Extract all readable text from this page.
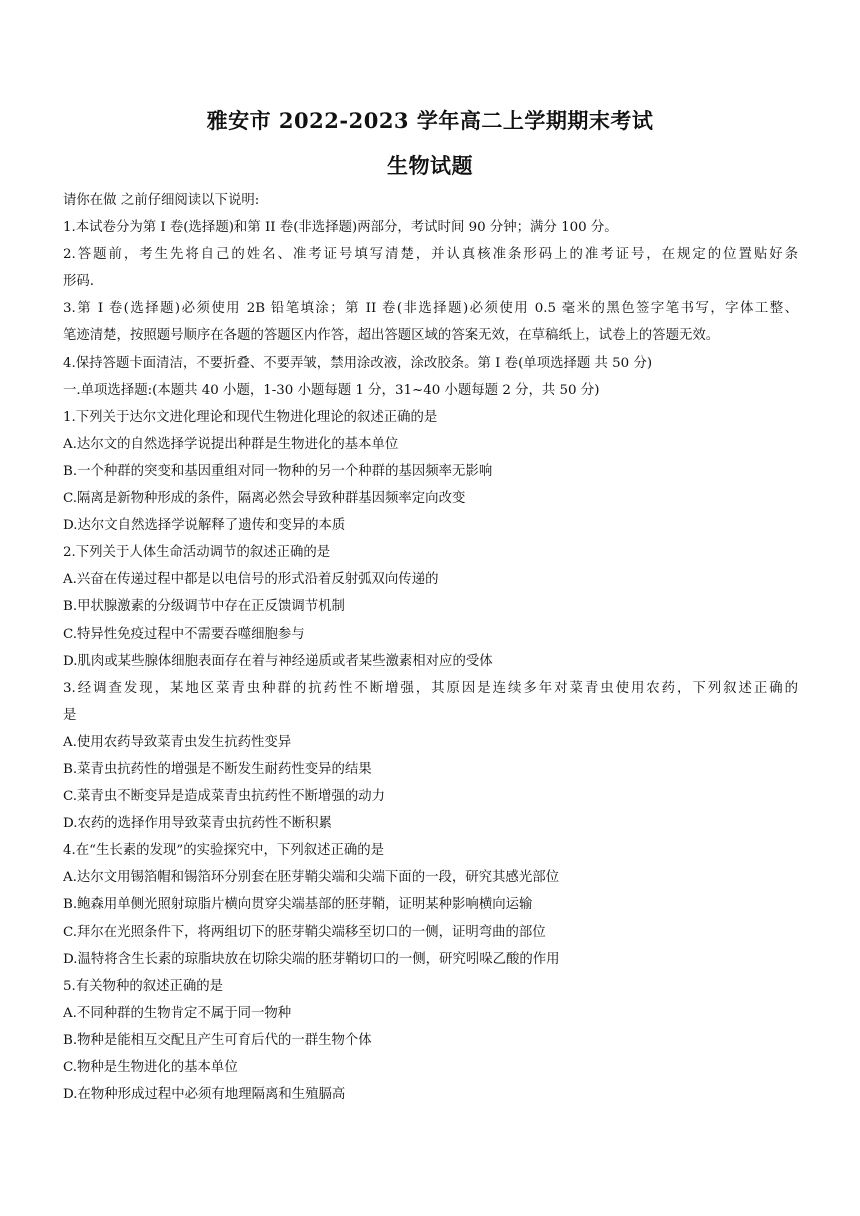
雅安市 2022-2023 学年高二上学期期末考试
生物试题
请你在做 之前仔细阅读以下说明:
1.本试卷分为第 I 卷(选择题)和第 II 卷(非选择题)两部分，考试时间 90 分钟；满分 100 分。
2.答题前，考生先将自己的姓名、准考证号填写清楚，并认真核准条形码上的准考证号，在规定的位置贴好条
形码.
3.第 I 卷(选择题)必须使用 2B 铅笔填涂；第 II 卷(非选择题)必须使用 0.5 毫米的黑色签字笔书写，字体工整、
笔迹清楚，按照题号顺序在各题的答题区内作答，超出答题区域的答案无效，在草稿纸上，试卷上的答题无效。
4.保持答题卡面清洁，不要折叠、不要弄皱，禁用涂改液，涂改胶条。第 I 卷(单项选择题 共 50 分)
一.单项选择题:(本题共 40 小题，1-30 小题每题 1 分，31~40 小题每题 2 分，共 50 分)
1.下列关于达尔文进化理论和现代生物进化理论的叙述正确的是
A.达尔文的自然选择学说提出种群是生物进化的基本单位
B.一个种群的突变和基因重组对同一物种的另一个种群的基因频率无影响
C.隔离是新物种形成的条件，隔离必然会导致种群基因频率定向改变
D.达尔文自然选择学说解释了遗传和变异的本质
2.下列关于人体生命活动调节的叙述正确的是
A.兴奋在传递过程中都是以电信号的形式沿着反射弧双向传递的
B.甲状腺激素的分级调节中存在正反馈调节机制
C.特异性免疫过程中不需要吞噬细胞参与
D.肌肉或某些腺体细胞表面存在着与神经递质或者某些激素相对应的受体
3.经调查发现，某地区菜青虫种群的抗药性不断增强，其原因是连续多年对菜青虫使用农药，下列叙述正确的
是
A.使用农药导致菜青虫发生抗药性变异
B.菜青虫抗药性的增强是不断发生耐药性变异的结果
C.菜青虫不断变异是造成菜青虫抗药性不断增强的动力
D.农药的选择作用导致菜青虫抗药性不断积累
4.在“生长素的发现”的实验探究中，下列叙述正确的是
A.达尔文用锡箔帽和锡箔环分别套在胚芽鞘尖端和尖端下面的一段，研究其感光部位
B.鲍森用单侧光照射琼脂片横向贯穿尖端基部的胚芽鞘，证明某种影响横向运输
C.拜尔在光照条件下，将两组切下的胚芽鞘尖端移至切口的一侧，证明弯曲的部位
D.温特将含生长素的琼脂块放在切除尖端的胚芽鞘切口的一侧，研究吲哚乙酸的作用
5.有关物种的叙述正确的是
A.不同种群的生物肯定不属于同一物种
B.物种是能相互交配且产生可育后代的一群生物个体
C.物种是生物进化的基本单位
D.在物种形成过程中必须有地理隔离和生殖膈高
